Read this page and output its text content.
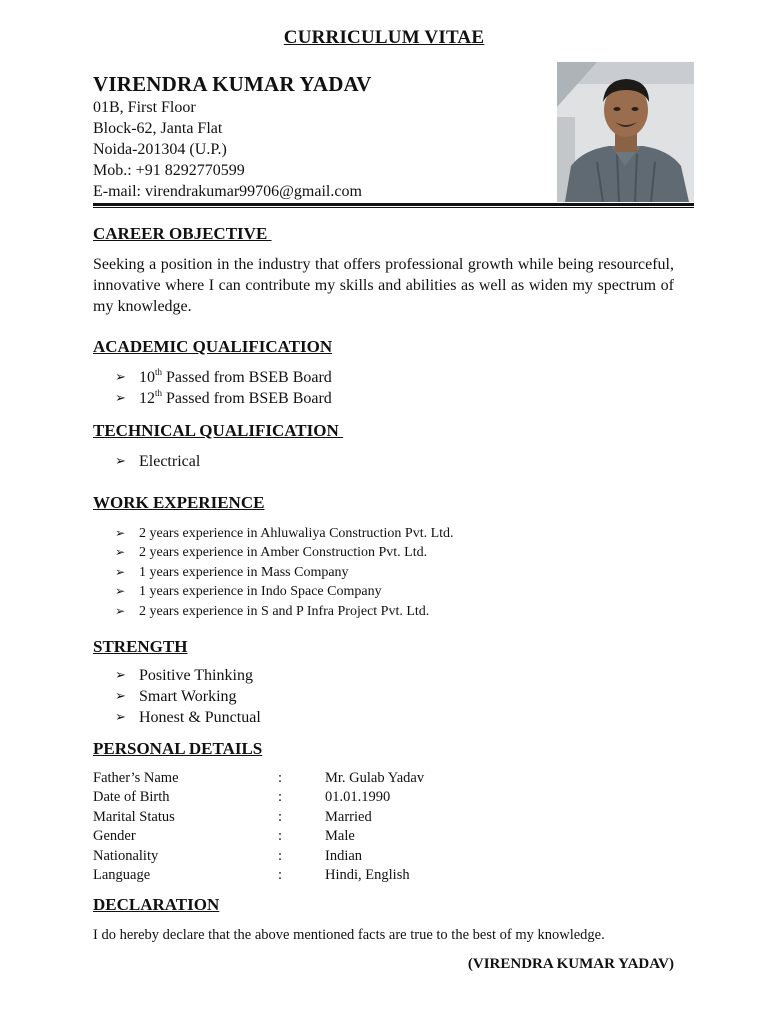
CURRICULUM VITAE
VIRENDRA KUMAR YADAV
01B, First Floor
Block-62, Janta Flat
Noida-201304 (U.P.)
Mob.: +91 8292770599
E-mail: virendrakumar99706@gmail.com
CAREER OBJECTIVE
Seeking a position in the industry that offers professional growth while being resourceful, innovative where I can contribute my skills and abilities as well as widen my spectrum of my knowledge.
ACADEMIC QUALIFICATION
➢ 10th Passed from BSEB Board
➢ 12th Passed from BSEB Board
TECHNICAL QUALIFICATION
➢ Electrical
WORK EXPERIENCE
➢ 2 years experience in Ahluwaliya Construction Pvt. Ltd.
➢ 2 years experience in Amber Construction Pvt. Ltd.
➢ 1 years experience in Mass Company
➢ 1 years experience in Indo Space Company
➢ 2 years experience in S and P Infra Project Pvt. Ltd.
STRENGTH
➢ Positive Thinking
➢ Smart Working
➢ Honest & Punctual
PERSONAL DETAILS
Father’s Name	:	Mr. Gulab Yadav
Date of Birth	:	01.01.1990
Marital Status	:	Married
Gender	:	Male
Nationality	:	Indian
Language	:	Hindi, English
DECLARATION
I do hereby declare that the above mentioned facts are true to the best of my knowledge.
(VIRENDRA KUMAR YADAV)
